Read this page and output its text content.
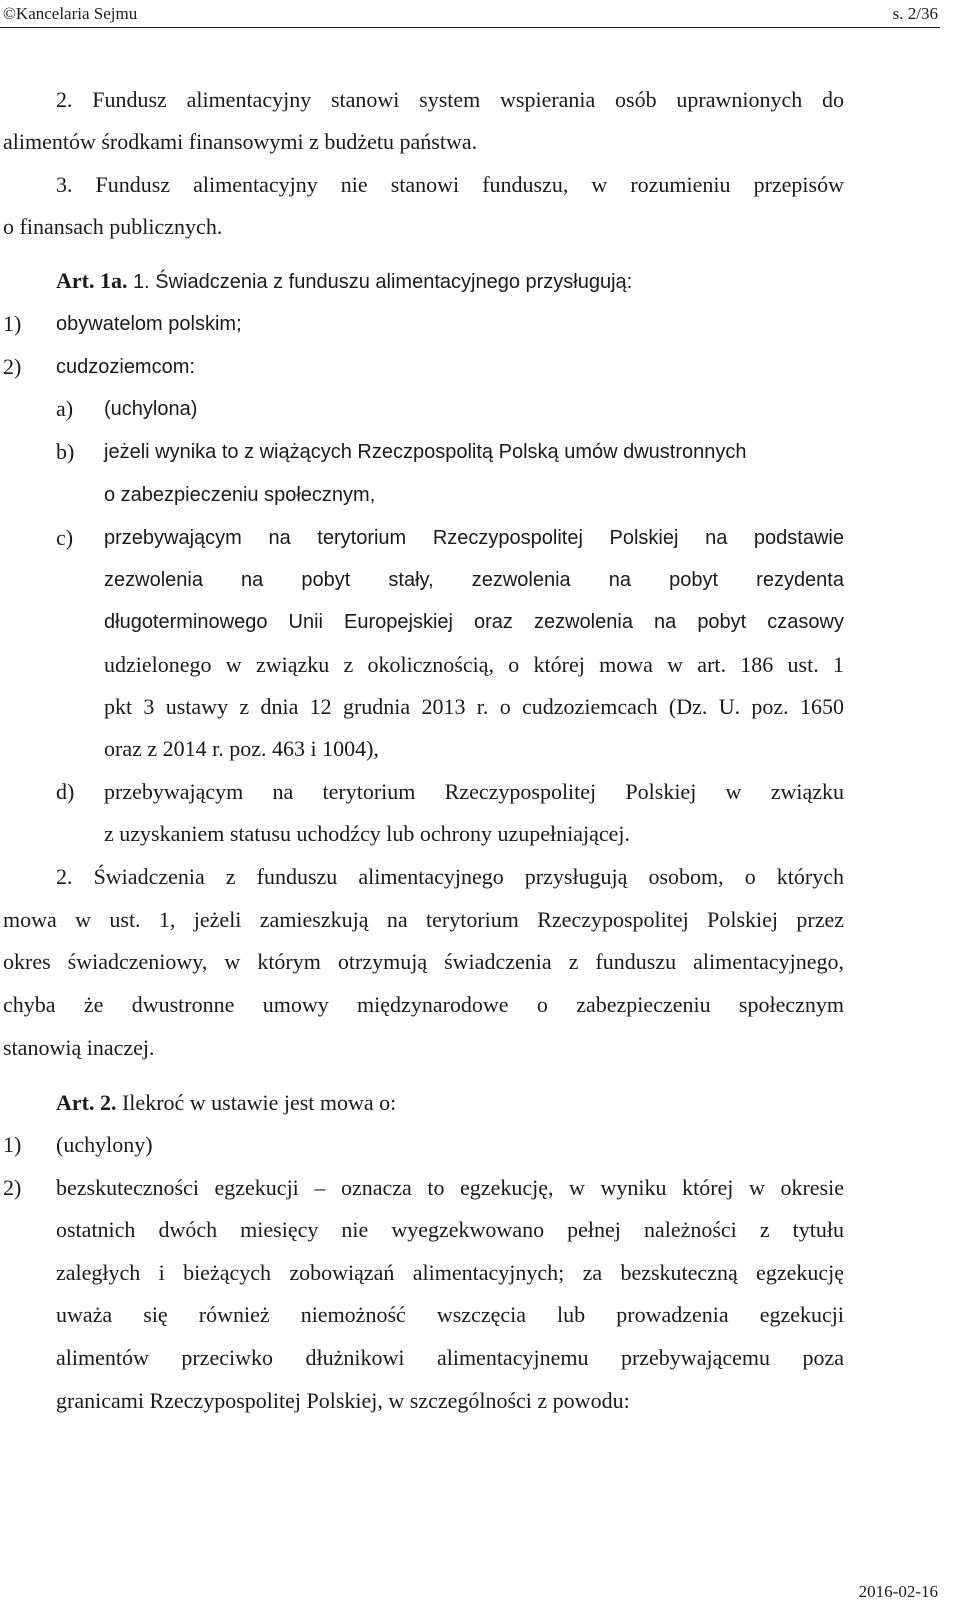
©Kancelaria Sejmu	s. 2/36
2. Fundusz alimentacyjny stanowi system wspierania osób uprawnionych do
alimentów środkami finansowymi z budżetu państwa.
3. Fundusz alimentacyjny nie stanowi funduszu, w rozumieniu przepisów
o finansach publicznych.
Art. 1a. 1. Świadczenia z funduszu alimentacyjnego przysługują:
1) obywatelom polskim;
2) cudzoziemcom:
a) (uchylona)
b) jeżeli wynika to z wiążących Rzeczpospolitą Polską umów dwustronnych
o zabezpieczeniu społecznym,
c) przebywającym na terytorium Rzeczypospolitej Polskiej na podstawie
zezwolenia na pobyt stały, zezwolenia na pobyt rezydenta
długoterminowego Unii Europejskiej oraz zezwolenia na pobyt czasowy
udzielonego w związku z okolicznością, o której mowa w art. 186 ust. 1
pkt 3 ustawy z dnia 12 grudnia 2013 r. o cudzoziemcach (Dz. U. poz. 1650
oraz z 2014 r. poz. 463 i 1004),
d) przebywającym na terytorium Rzeczypospolitej Polskiej w związku
z uzyskaniem statusu uchodźcy lub ochrony uzupełniającej.
2. Świadczenia z funduszu alimentacyjnego przysługują osobom, o których
mowa w ust. 1, jeżeli zamieszkują na terytorium Rzeczypospolitej Polskiej przez
okres świadczeniowy, w którym otrzymują świadczenia z funduszu alimentacyjnego,
chyba że dwustronne umowy międzynarodowe o zabezpieczeniu społecznym
stanowią inaczej.
Art. 2. Ilekroć w ustawie jest mowa o:
1) (uchylony)
2) bezskuteczności egzekucji – oznacza to egzekucję, w wyniku której w okresie
ostatnich dwóch miesięcy nie wyegzekwowano pełnej należności z tytułu
zaległych i bieżących zobowiązań alimentacyjnych; za bezskuteczną egzekucję
uważa się również niemożność wszczęcia lub prowadzenia egzekucji
alimentów przeciwko dłużnikowi alimentacyjnemu przebywającemu poza
granicami Rzeczypospolitej Polskiej, w szczególności z powodu:
2016-02-16
